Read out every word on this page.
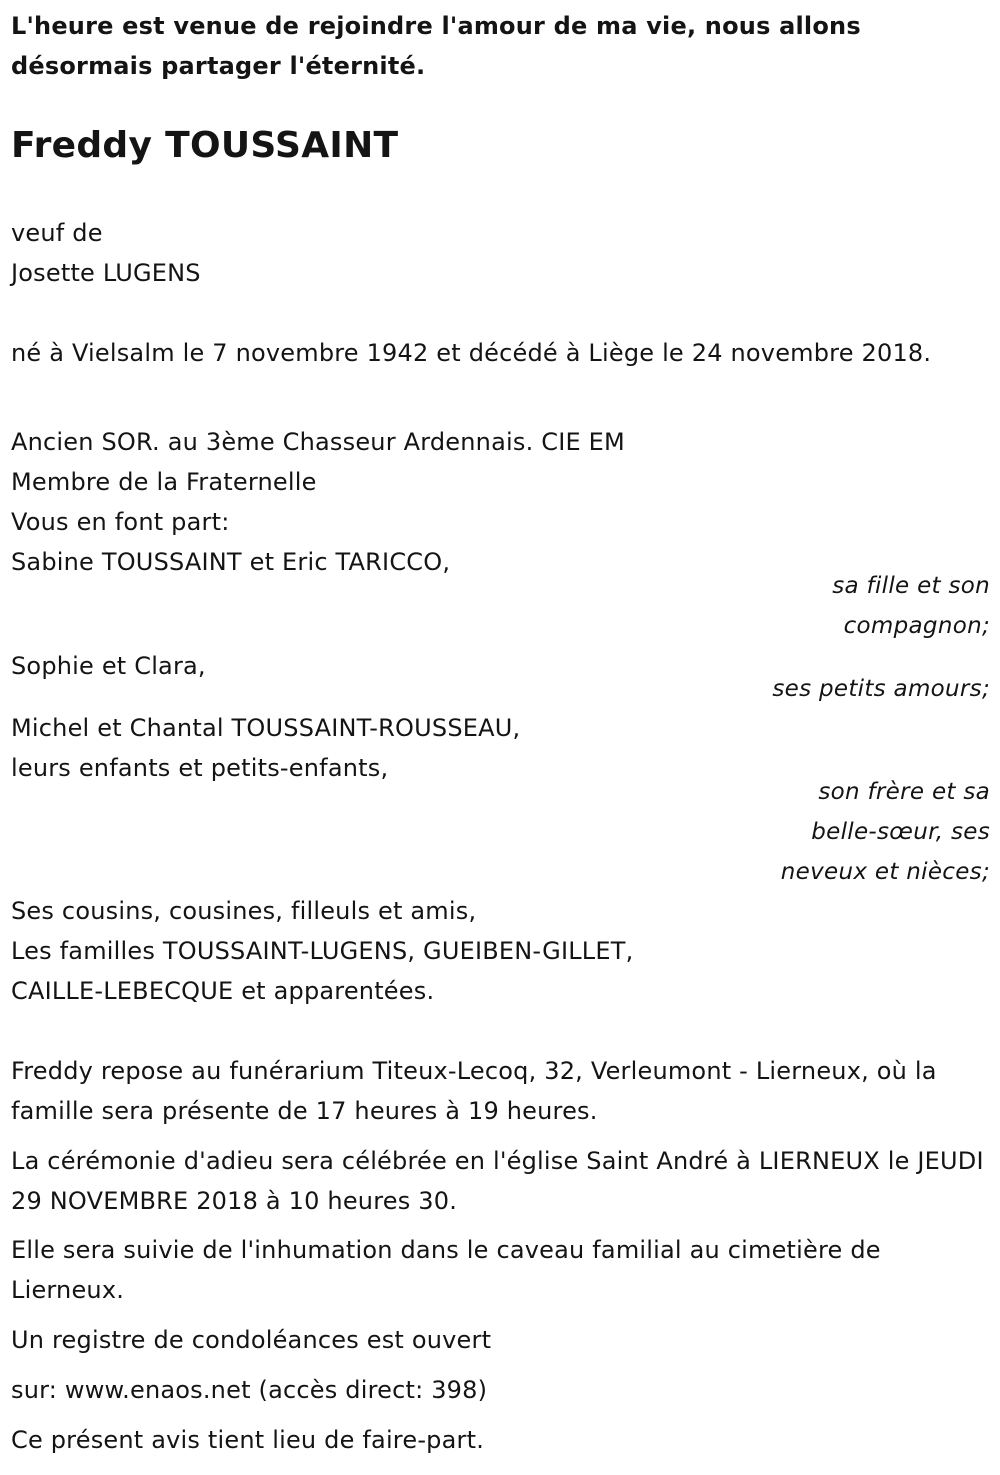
L'heure est venue de rejoindre l'amour de ma vie, nous allons désormais partager l'éternité.
Freddy TOUSSAINT
veuf de
Josette LUGENS
né à Vielsalm le 7 novembre 1942 et décédé à Liège le 24 novembre 2018.
Ancien SOR. au 3ème Chasseur Ardennais. CIE EM
Membre de la Fraternelle
Vous en font part:
Sabine TOUSSAINT et Eric TARICCO,
sa fille et son
compagnon;
Sophie et Clara,
ses petits amours;
Michel et Chantal TOUSSAINT-ROUSSEAU,
leurs enfants et petits-enfants,
son frère et sa
belle-sœur, ses
neveux et nièces;
Ses cousins, cousines, filleuls et amis,
Les familles TOUSSAINT-LUGENS, GUEIBEN-GILLET,
CAILLE-LEBECQUE et apparentées.
Freddy repose au funérarium Titeux-Lecoq, 32, Verleumont - Lierneux, où la famille sera présente de 17 heures à 19 heures.
La cérémonie d'adieu sera célébrée en l'église Saint André à LIERNEUX le JEUDI 29 NOVEMBRE 2018 à 10 heures 30.
Elle sera suivie de l'inhumation dans le caveau familial au cimetière de Lierneux.
Un registre de condoléances est ouvert
sur: www.enaos.net (accès direct: 398)
Ce présent avis tient lieu de faire-part.
